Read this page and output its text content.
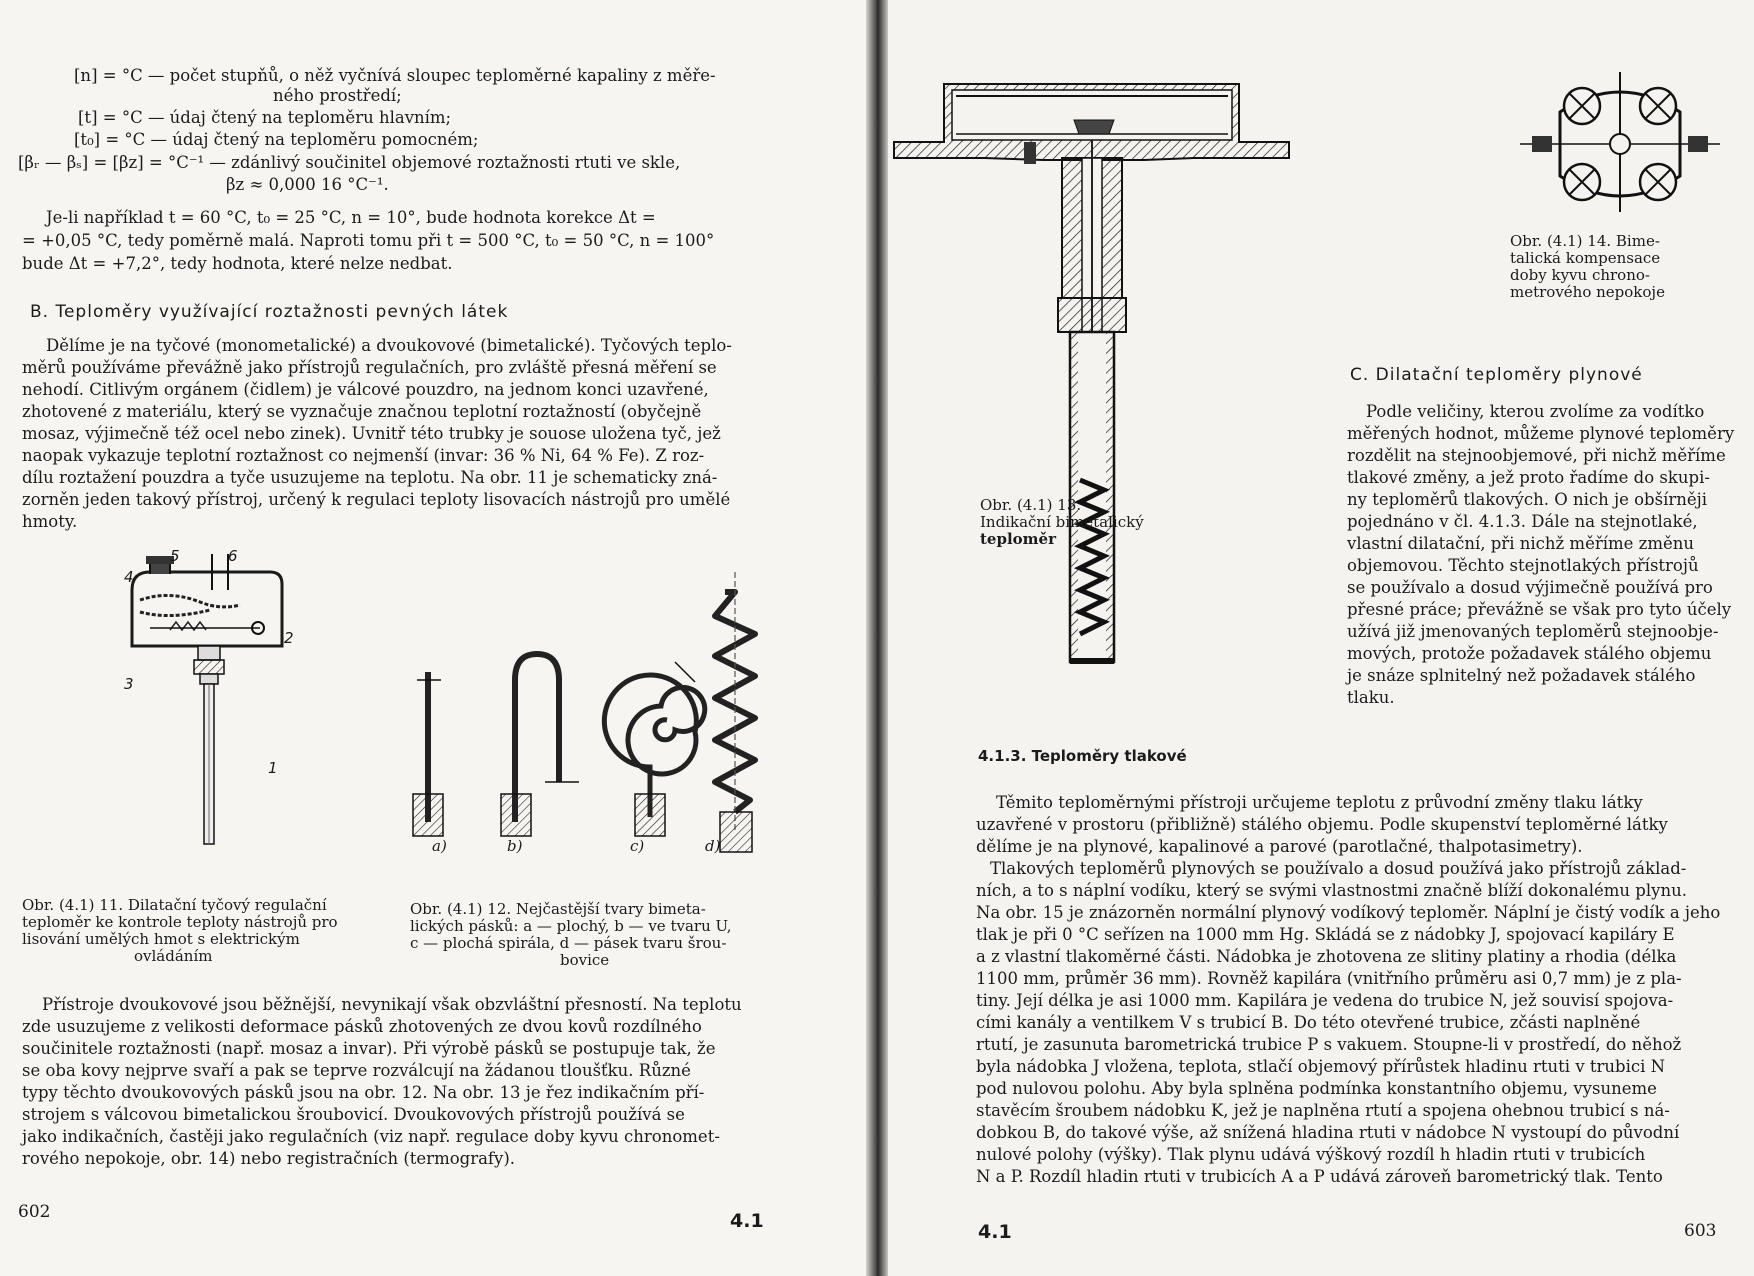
[n] = °C — počet stupňů, o něž vyčnívá sloupec teploměrné kapaliny z měře-
ného prostředí;
[t] = °C — údaj čtený na teploměru hlavním;
[t₀] = °C — údaj čtený na teploměru pomocném;
[βᵣ — βₛ] = [βz] = °C⁻¹ — zdánlivý součinitel objemové roztažnosti rtuti ve skle,
βz ≈ 0,000 16 °C⁻¹.
Je-li například t = 60 °C, t₀ = 25 °C, n = 10°, bude hodnota korekce Δt =
= +0,05 °C, tedy poměrně malá. Naproti tomu při t = 500 °C, t₀ = 50 °C, n = 100°
bude Δt = +7,2°, tedy hodnota, které nelze nedbat.
B. Teploměry využívající roztažnosti pevných látek
Dělíme je na tyčové (monometalické) a dvoukovové (bimetalické). Tyčových teplo-
měrů používáme převážně jako přístrojů regulačních, pro zvláště přesná měření se
nehodí. Citlivým orgánem (čidlem) je válcové pouzdro, na jednom konci uzavřené,
zhotovené z materiálu, který se vyznačuje značnou teplotní roztažností (obyčejně
mosaz, výjimečně též ocel nebo zinek). Uvnitř této trubky je souose uložena tyč, jež
naopak vykazuje teplotní roztažnost co nejmenší (invar: 36 % Ni, 64 % Fe). Z roz-
dílu roztažení pouzdra a tyče usuzujeme na teplotu. Na obr. 11 je schematicky zná-
zorněn jeden takový přístroj, určený k regulaci teploty lisovacích nástrojů pro umělé
hmoty.
5	6
4
2
3
1
a)	b)	c)	d)
Obr. (4.1) 11. Dilatační tyčový regulační
teploměr ke kontrole teploty nástrojů pro
lisování umělých hmot s elektrickým
ovládáním
Obr. (4.1) 12. Nejčastější tvary bimeta-
lických pásků: a — plochý, b — ve tvaru U,
c — plochá spirála, d — pásek tvaru šrou-
bovice
Přístroje dvoukovové jsou běžnější, nevynikají však obzvláštní přesností. Na teplotu
zde usuzujeme z velikosti deformace pásků zhotovených ze dvou kovů rozdílného
součinitele roztažnosti (např. mosaz a invar). Při výrobě pásků se postupuje tak, že
se oba kovy nejprve svaří a pak se teprve rozválcují na žádanou tloušťku. Různé
typy těchto dvoukovových pásků jsou na obr. 12. Na obr. 13 je řez indikačním pří-
strojem s válcovou bimetalickou šroubovicí. Dvoukovových přístrojů používá se
jako indikačních, častěji jako regulačních (viz např. regulace doby kyvu chronomet-
rového nepokoje, obr. 14) nebo registračních (termografy).
602	4.1
Obr. (4.1) 14. Bime-
talická kompensace
doby kyvu chrono-
metrového nepokoje
Obr. (4.1) 13.
Indikační bimetalický
teploměr
C. Dilatační teploměry plynové
Podle veličiny, kterou zvolíme za vodítko
měřených hodnot, můžeme plynové teploměry
rozdělit na stejnoobjemové, při nichž měříme
tlakové změny, a jež proto řadíme do skupi-
ny teploměrů tlakových. O nich je obšírněji
pojednáno v čl. 4.1.3. Dále na stejnotlaké,
vlastní dilatační, při nichž měříme změnu
objemovou. Těchto stejnotlakých přístrojů
se používalo a dosud výjimečně používá pro
přesné práce; převážně se však pro tyto účely
užívá již jmenovaných teploměrů stejnoobje-
mových, protože požadavek stálého objemu
je snáze splnitelný než požadavek stálého
tlaku.
4.1.3. Teploměry tlakové
Těmito teploměrnými přístroji určujeme teplotu z průvodní změny tlaku látky
uzavřené v prostoru (přibližně) stálého objemu. Podle skupenství teploměrné látky
dělíme je na plynové, kapalinové a parové (parotlačné, thalpotasimetry).
Tlakových teploměrů plynových se používalo a dosud používá jako přístrojů základ-
ních, a to s náplní vodíku, který se svými vlastnostmi značně blíží dokonalému plynu.
Na obr. 15 je znázorněn normální plynový vodíkový teploměr. Náplní je čistý vodík a jeho
tlak je při 0 °C seřízen na 1000 mm Hg. Skládá se z nádobky J, spojovací kapiláry E
a z vlastní tlakoměrné části. Nádobka je zhotovena ze slitiny platiny a rhodia (délka
1100 mm, průměr 36 mm). Rovněž kapilára (vnitřního průměru asi 0,7 mm) je z pla-
tiny. Její délka je asi 1000 mm. Kapilára je vedena do trubice N, jež souvisí spojova-
cími kanály a ventilkem V s trubicí B. Do této otevřené trubice, zčásti naplněné
rtutí, je zasunuta barometrická trubice P s vakuem. Stoupne-li v prostředí, do něhož
byla nádobka J vložena, teplota, stlačí objemový přírůstek hladinu rtuti v trubici N
pod nulovou polohu. Aby byla splněna podmínka konstantního objemu, vysuneme
stavěcím šroubem nádobku K, jež je naplněna rtutí a spojena ohebnou trubicí s ná-
dobkou B, do takové výše, až snížená hladina rtuti v nádobce N vystoupí do původní
nulové polohy (výšky). Tlak plynu udává výškový rozdíl h hladin rtuti v trubicích
N a P. Rozdíl hladin rtuti v trubicích A a P udává zároveň barometrický tlak. Tento
4.1	603
